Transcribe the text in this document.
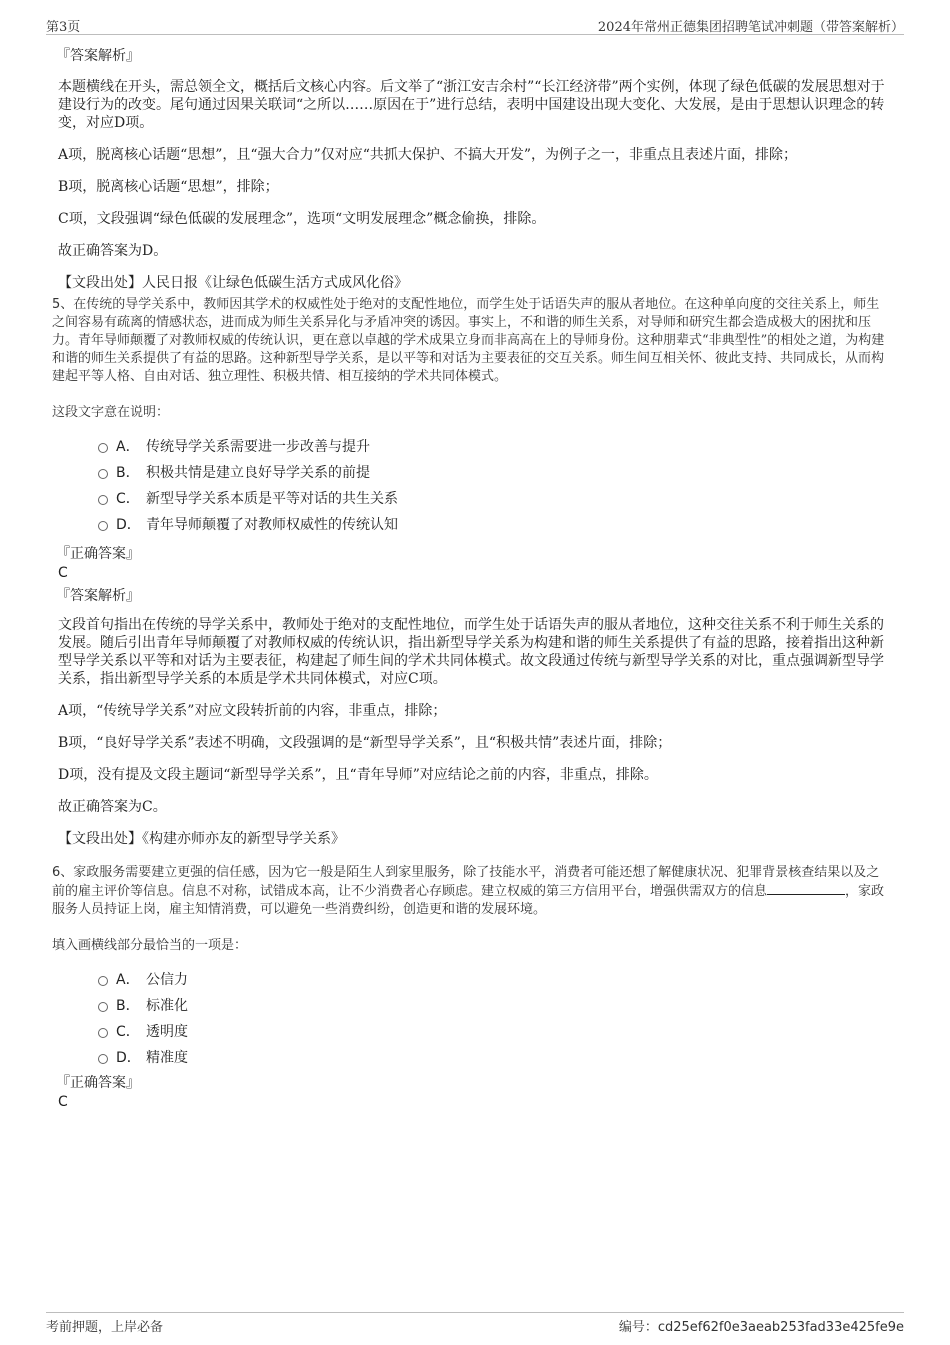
第3页	2024年常州正德集团招聘笔试冲刺题（带答案解析）
『答案解析』

本题横线在开头，需总领全文，概括后文核心内容。后文举了“浙江安吉余村”“长江经济带”两个实例，体现了绿色低碳的发展思想对于建设行为的改变。尾句通过因果关联词“之所以……原因在于”进行总结，表明中国建设出现大变化、大发展，是由于思想认识理念的转变，对应D项。

A项，脱离核心话题“思想”，且“强大合力”仅对应“共抓大保护、不搞大开发”，为例子之一，非重点且表述片面，排除；

B项，脱离核心话题“思想”，排除；

C项，文段强调“绿色低碳的发展理念”，选项“文明发展理念”概念偷换，排除。

故正确答案为D。

【文段出处】人民日报《让绿色低碳生活方式成风化俗》

5、在传统的导学关系中，教师因其学术的权威性处于绝对的支配性地位，而学生处于话语失声的服从者地位。在这种单向度的交往关系上，师生之间容易有疏离的情感状态，进而成为师生关系异化与矛盾冲突的诱因。事实上，不和谐的师生关系，对导师和研究生都会造成极大的困扰和压力。青年导师颠覆了对教师权威的传统认识，更在意以卓越的学术成果立身而非高高在上的导师身份。这种朋辈式“非典型性”的相处之道，为构建和谐的师生关系提供了有益的思路。这种新型导学关系，是以平等和对话为主要表征的交互关系。师生间互相关怀、彼此支持、共同成长，从而构建起平等人格、自由对话、独立理性、积极共情、相互接纳的学术共同体模式。

这段文字意在说明：

A． 传统导学关系需要进一步改善与提升
B． 积极共情是建立良好导学关系的前提
C． 新型导学关系本质是平等对话的共生关系
D． 青年导师颠覆了对教师权威性的传统认知
『正确答案』
C
『答案解析』

文段首句指出在传统的导学关系中，教师处于绝对的支配性地位，而学生处于话语失声的服从者地位，这种交往关系不利于师生关系的发展。随后引出青年导师颠覆了对教师权威的传统认识，指出新型导学关系为构建和谐的师生关系提供了有益的思路，接着指出这种新型导学关系以平等和对话为主要表征，构建起了师生间的学术共同体模式。故文段通过传统与新型导学关系的对比，重点强调新型导学关系，指出新型导学关系的本质是学术共同体模式，对应C项。

A项，“传统导学关系”对应文段转折前的内容，非重点，排除；

B项，“良好导学关系”表述不明确，文段强调的是“新型导学关系”，且“积极共情”表述片面，排除；

D项，没有提及文段主题词“新型导学关系”，且“青年导师”对应结论之前的内容，非重点，排除。

故正确答案为C。

【文段出处】《构建亦师亦友的新型导学关系》

6、家政服务需要建立更强的信任感，因为它一般是陌生人到家里服务，除了技能水平，消费者可能还想了解健康状况、犯罪背景核查结果以及之前的雇主评价等信息。信息不对称，试错成本高，让不少消费者心存顾虑。建立权威的第三方信用平台，增强供需双方的信息	，家政服务人员持证上岗，雇主知情消费，可以避免一些消费纠纷，创造更和谐的发展环境。

填入画横线部分最恰当的一项是：

A． 公信力
B． 标准化
C． 透明度
D． 精准度
『正确答案』
C
考前押题，上岸必备	编号：cd25ef62f0e3aeab253fad33e425fe9e
